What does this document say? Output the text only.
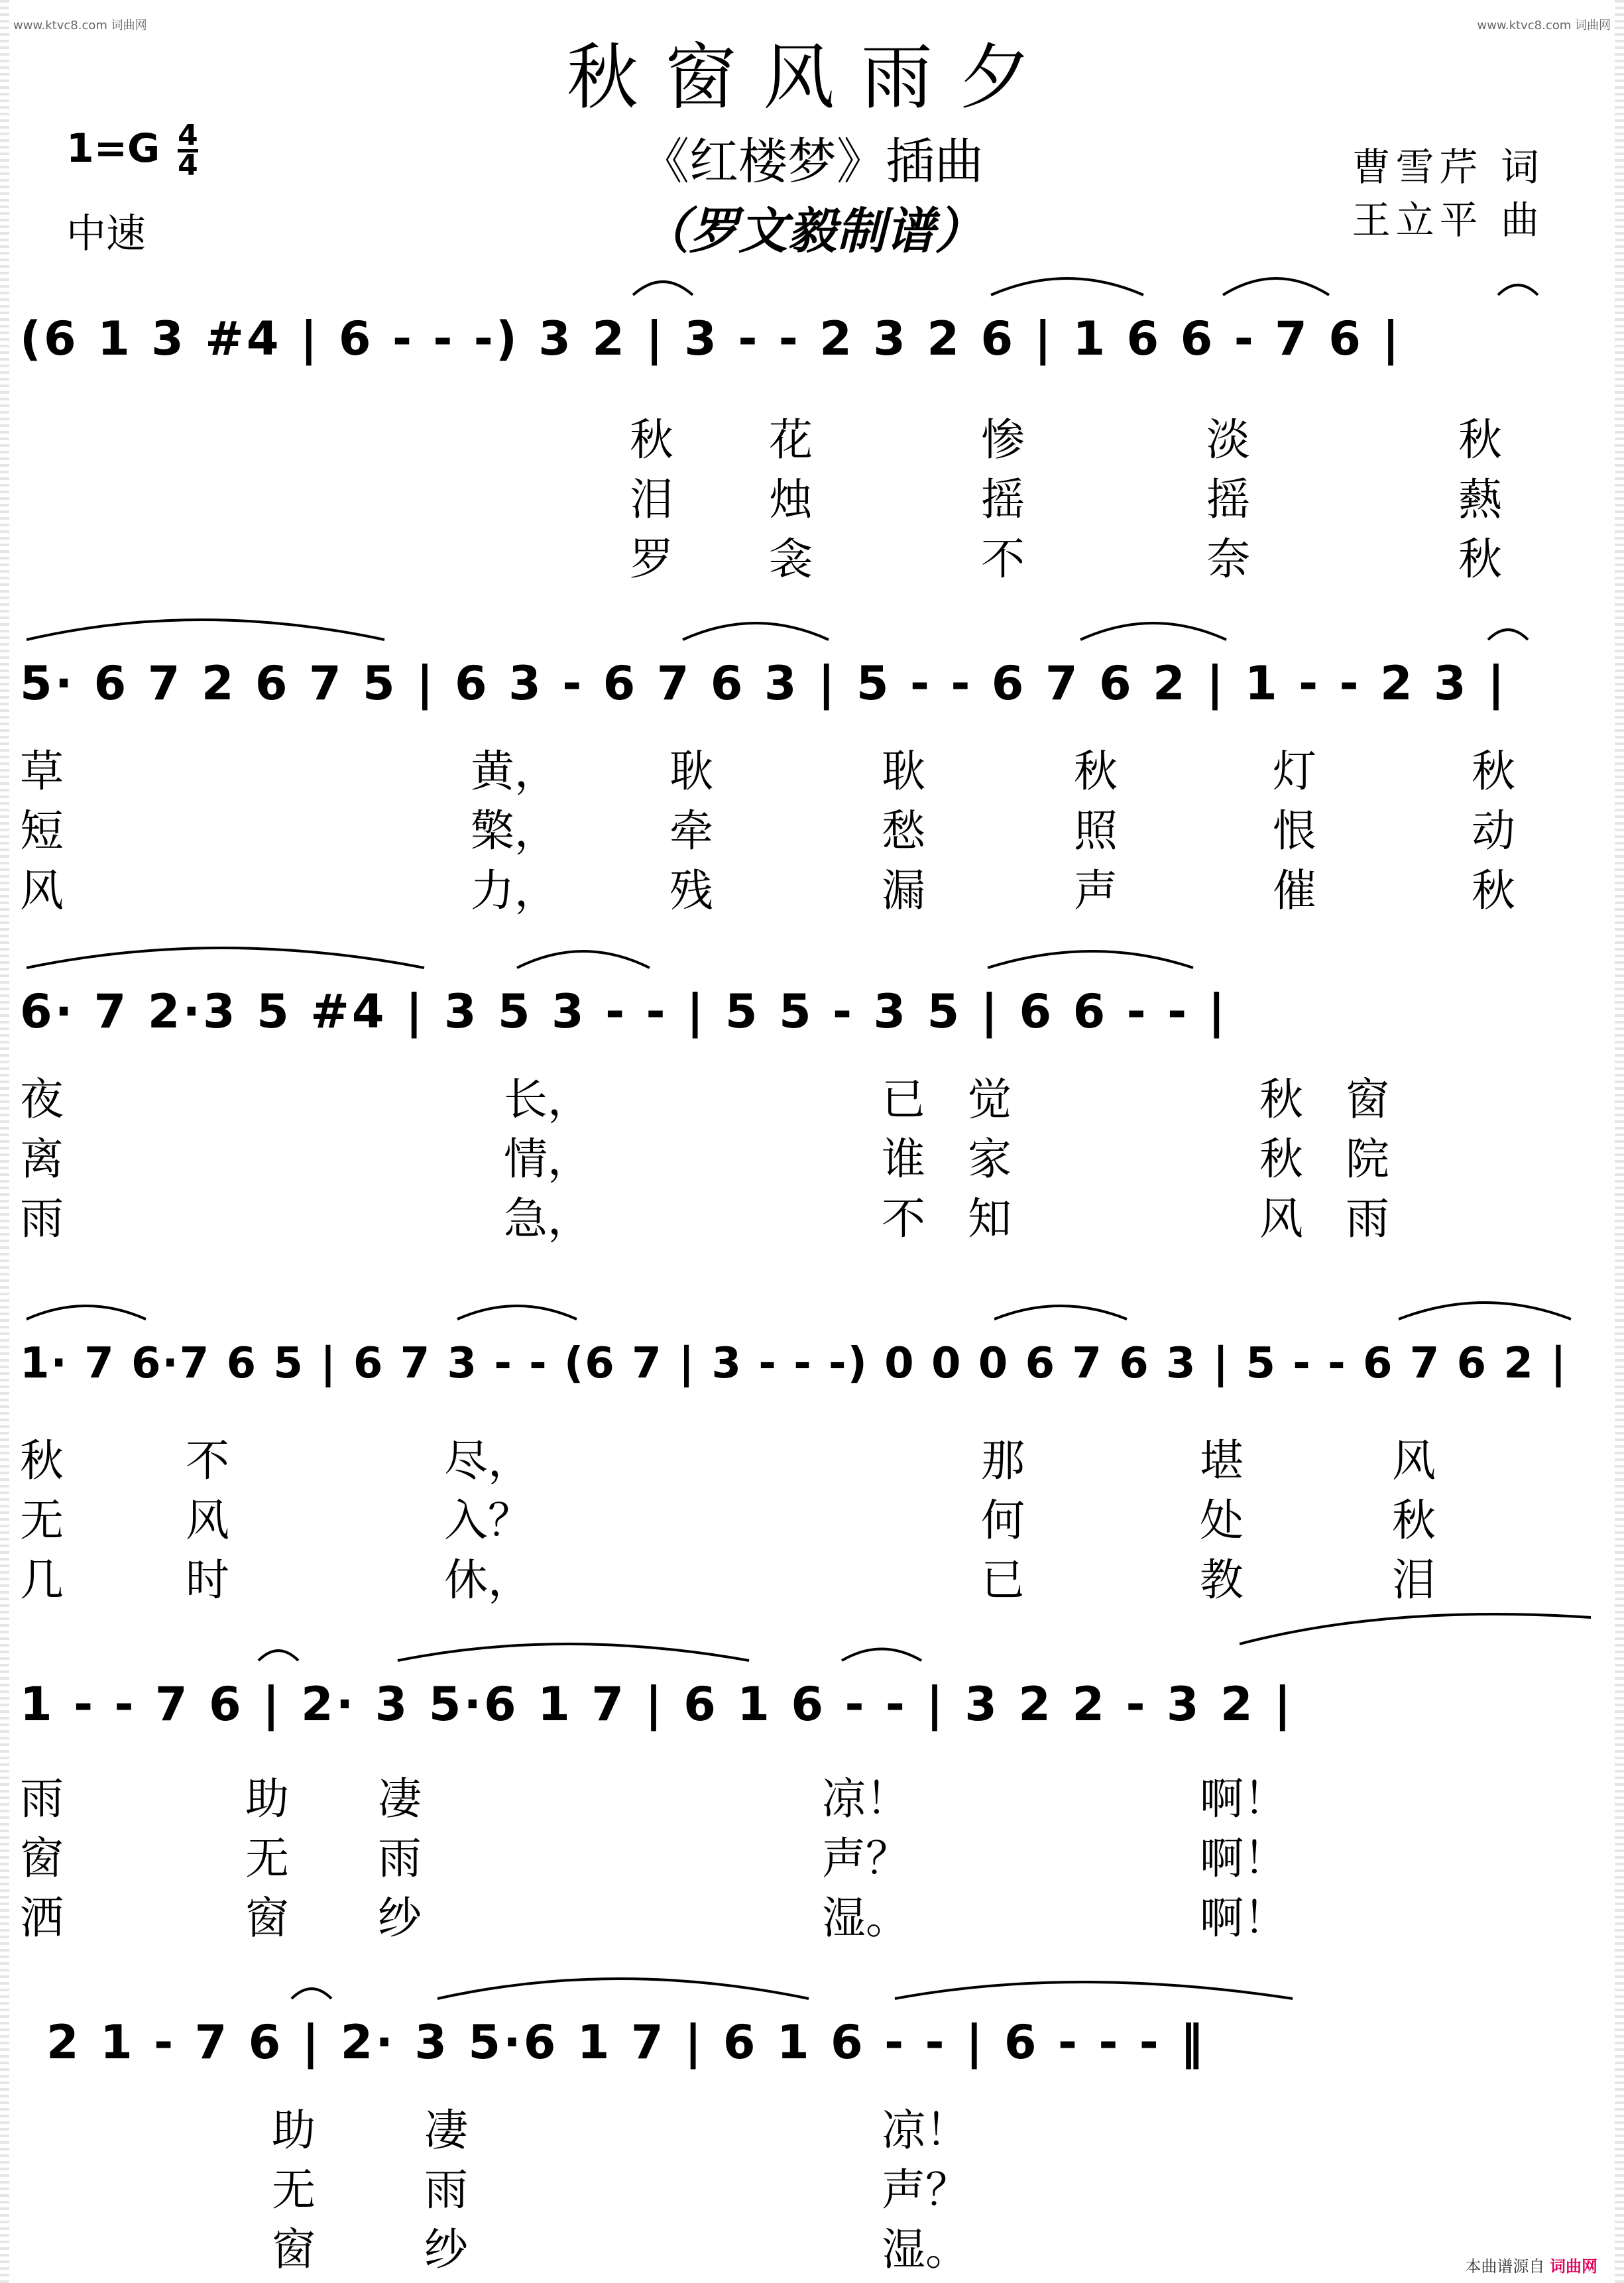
www.ktvc8.com 词曲网	www.ktvc8.com 词曲网
秋窗风雨夕
《红楼梦》插曲
（罗文毅制谱）
$1=G \frac{4}{4}$
中速
曹雪芹 词
王立平 曲
(6 1 3 #4 | 6 - - -) 3 2 | 3 - - 2 3 2 6 | 1 6 6 - 7 6 |
秋 花	惨	淡	秋
泪 烛	摇	摇	爇
罗 衾	不	奈	秋
5· 6 7 2 6 7 5 | 6 3 - 6 7 6 3 | 5 - - 6 7 6 2 | 1 - - 2 3 |
草	黄，	耿	耿	秋	灯	秋
短	檠，	牵	愁	照	恨	动
风	力，	残	漏	声	催	秋
6· 7 2·3 5 #4 | 3 5 3 - - | 5 5 - 3 5 | 6 6 - - |
夜	长，	已 觉	秋 窗
离	情，	谁 家	秋 院
雨	急，	不 知	风 雨
1· 7 6·7 6 5 | 6 7 3 - - (6 7 | 3 - - -) 0 0 0 6 7 6 3 | 5 - - 6 7 6 2 |
秋	不	尽，	那	堪	风
无	风	入？	何	处	秋
几	时	休，	已	教	泪
1 - - 7 6 | 2· 3 5·6 1 7 | 6 1 6 - - | 3 2 2 - 3 2 |
雨	助 凄	凉！	啊！
窗	无 雨	声？	啊！
洒	窗 纱	湿。	啊！
2 1 - 7 6 | 2· 3 5·6 1 7 | 6 1 6 - - | 6 - - - ‖
助 凄	凉！
无 雨	声？
窗 纱	湿。	本曲谱源自 词曲网
